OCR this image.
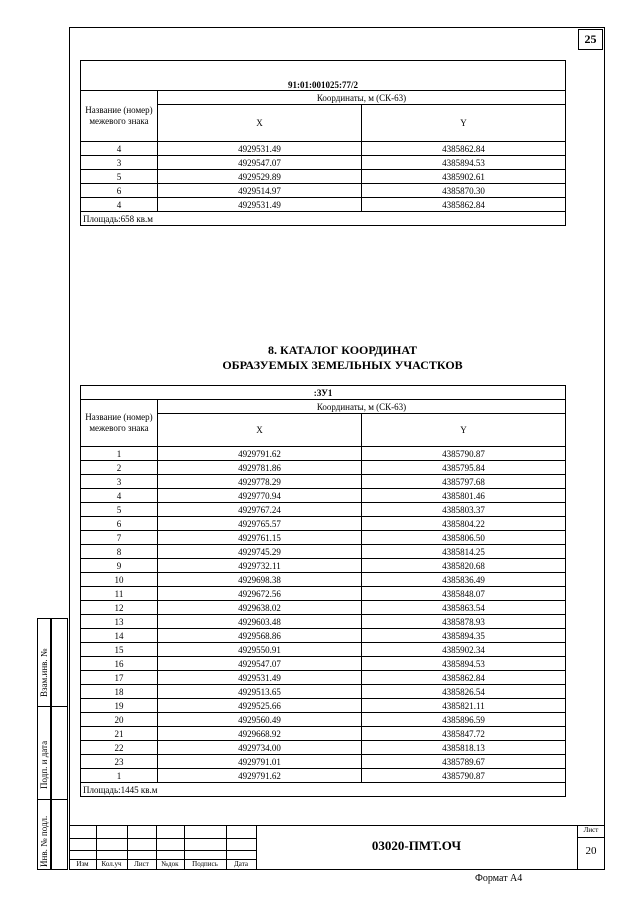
25
91:01:001025:77/2		
Название (номер) межевого знака	Координаты, м (СК-63)	
	X	Y
4	4929531.49	4385862.84
3	4929547.07	4385894.53
5	4929529.89	4385902.61
6	4929514.97	4385870.30
4	4929531.49	4385862.84
Площадь:658 кв.м		
8. КАТАЛОГ КООРДИНАТ
ОБРАЗУЕМЫХ ЗЕМЕЛЬНЫХ УЧАСТКОВ
:ЗУ1		
Название (номер) межевого знака	Координаты, м (СК-63)	
	X	Y
1	4929791.62	4385790.87
2	4929781.86	4385795.84
3	4929778.29	4385797.68
4	4929770.94	4385801.46
5	4929767.24	4385803.37
6	4929765.57	4385804.22
7	4929761.15	4385806.50
8	4929745.29	4385814.25
9	4929732.11	4385820.68
10	4929698.38	4385836.49
11	4929672.56	4385848.07
12	4929638.02	4385863.54
13	4929603.48	4385878.93
14	4929568.86	4385894.35
15	4929550.91	4385902.34
16	4929547.07	4385894.53
17	4929531.49	4385862.84
18	4929513.65	4385826.54
19	4929525.66	4385821.11
20	4929560.49	4385896.59
21	4929668.92	4385847.72
22	4929734.00	4385818.13
23	4929791.01	4385789.67
1	4929791.62	4385790.87
Площадь:1445 кв.м		
Взам.инв. №
Подп. и дата
Инв. № подл.	Изм	Кол.уч	Лист	№док	Подпись	Дата
03020-ПМТ.ОЧ
Лист
20
Формат А4
